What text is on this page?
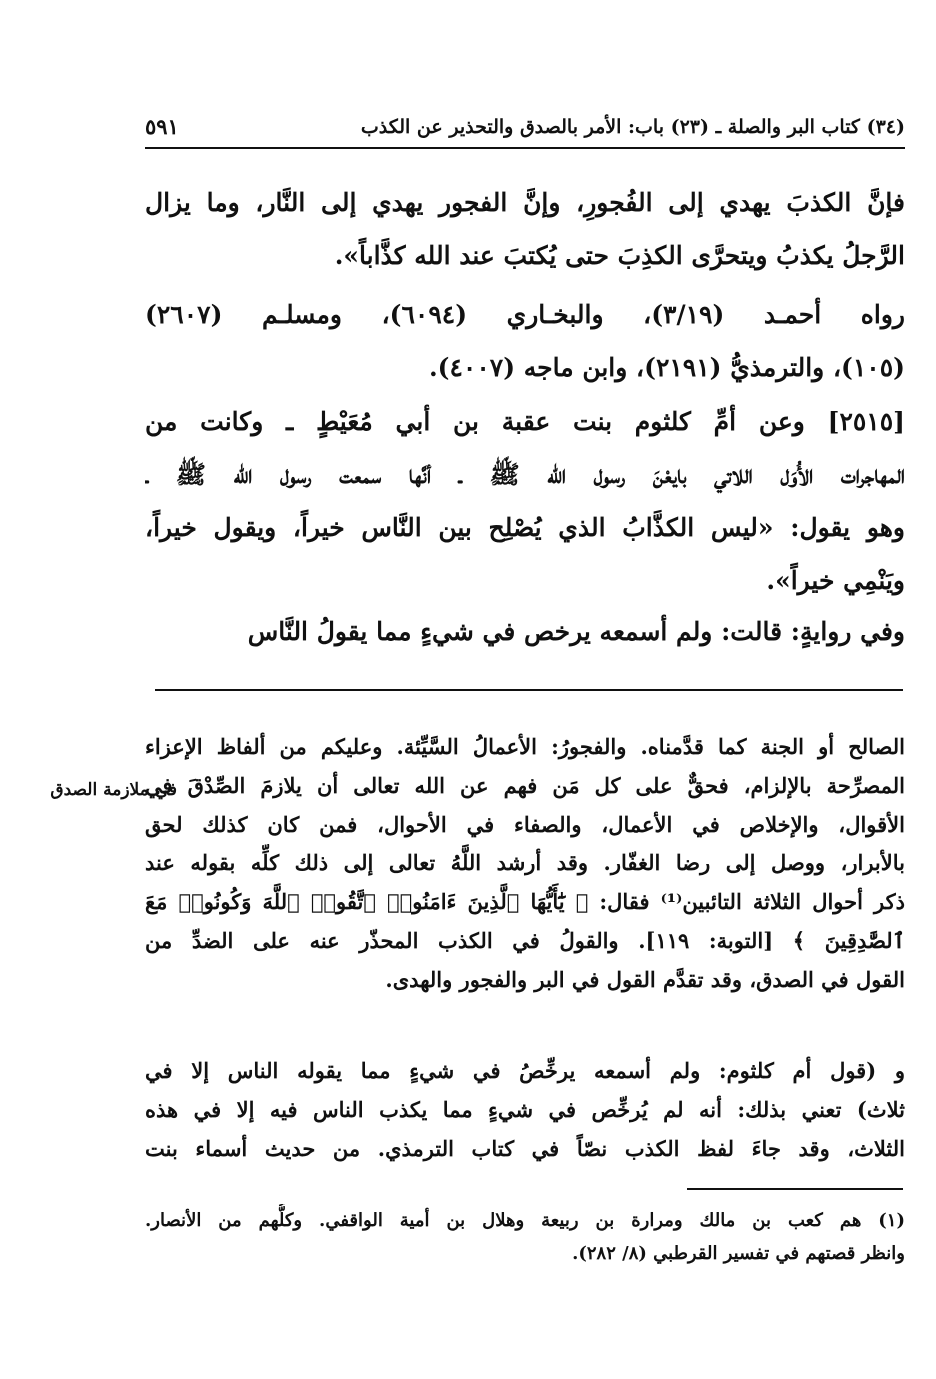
(٣٤) كتاب البر والصلة ـ (٢٣) باب: الأمر بالصدق والتحذير عن الكذب
٥٩١
فإنَّ الكذبَ يهدي إلى الفُجورِ، وإنَّ الفجور يهدي إلى النَّار، وما يزال
الرَّجلُ يكذبُ ويتحرَّى الكذِبَ حتى يُكتبَ عند الله كذَّاباً».
رواه أحمـد (٣/١٩)، والبخـاري (٦٠٩٤)، ومسلـم (٢٦٠٧)
(١٠٥)، والترمذيُّ (٢١٩١)، وابن ماجه (٤٠٠٧).
[٢٥١٥] وعن أمِّ كلثوم بنت عقبة بن أبي مُعَيْطٍ ـ وكانت من
المهاجرات الأُوَل اللاتي بايعْنَ رسول الله ﷺ ـ أنَّها سمعت رسول الله ﷺ ـ
وهو يقول: «ليس الكذَّابُ الذي يُصْلِح بين النَّاس خيراً، ويقول خيراً،
ويَنْمِي خيراً».
وفي روايةٍ: قالت: ولم أسمعه يرخص في شيءٍ مما يقولُ النَّاس
الصالح أو الجنة كما قدَّمناه. والفجورُ: الأعمالُ السَّيِّئة. وعليكم من ألفاظ الإعزاء
المصرِّحة بالإلزام، فحقٌّ على كل مَن فهم عن الله تعالى أن يلازمَ الصِّدْقَ في
الأقوال، والإخلاص في الأعمال، والصفاء في الأحوال، فمن كان كذلك لحق
بالأبرار، ووصل إلى رضا الغفّار. وقد أرشد اللَّهُ تعالى إلى ذلك كلِّه بقوله عند
ذكر أحوال الثلاثة التائبين⁽¹⁾ فقال: ﴿ يَٰٓأَيُّهَا ٱلَّذِينَ ءَامَنُوا۟ ٱتَّقُوا۟ ٱللَّهَ وَكُونُوا۟ مَعَ
ٱلصَّٰدِقِينَ ﴾ [التوبة: ١١٩]. والقولُ في الكذب المحذّر عنه على الضدِّ من
القول في الصدق، وقد تقدَّم القول في البر والفجور والهدى.
في ملازمة الصدق
و (قول أم كلثوم: ولم أسمعه يرخِّصُ في شيءٍ مما يقوله الناس إلا في
ثلاث) تعني بذلك: أنه لم يُرخِّص في شيءٍ مما يكذب الناس فيه إلا في هذه
الثلاث، وقد جاءَ لفظ الكذب نصّاً في كتاب الترمذي. من حديث أسماء بنت
(١) هم كعب بن مالك ومرارة بن ربيعة وهلال بن أمية الواقفي. وكلُّهم من الأنصار.
وانظر قصتهم في تفسير القرطبي (٨/ ٢٨٢).
